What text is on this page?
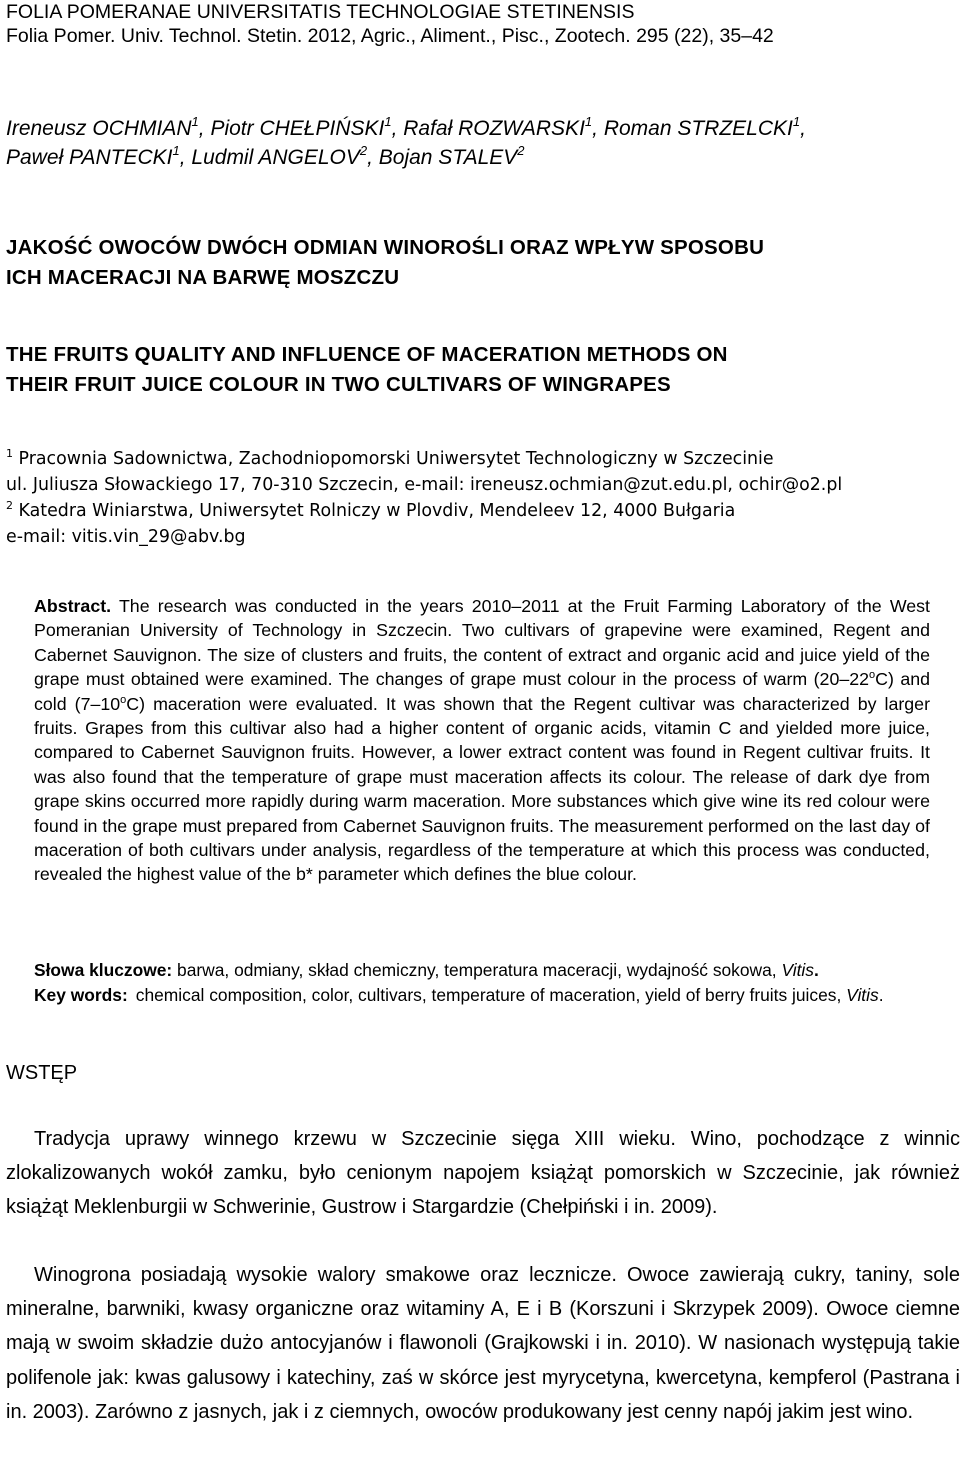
FOLIA POMERANAE UNIVERSITATIS TECHNOLOGIAE STETINENSIS
Folia Pomer. Univ. Technol. Stetin. 2012, Agric., Aliment., Pisc., Zootech. 295 (22), 35–42
Ireneusz OCHMIAN$^1$, Piotr CHEŁPIŃSKI$^1$, Rafał ROZWARSKI$^1$, Roman STRZELCKI$^1$,
Paweł PANTECKI$^1$, Ludmil ANGELOV$^2$, Bojan STALEV$^2$
JAKOŚĆ OWOCÓW DWÓCH ODMIAN WINOROŚLI ORAZ WPŁYW SPOSOBU
ICH MACERACJI NA BARWĘ MOSZCZU
THE FRUITS QUALITY AND INFLUENCE OF MACERATION METHODS ON
THEIR FRUIT JUICE COLOUR IN TWO CULTIVARS OF WINGRAPES
$^1$ Pracownia Sadownictwa, Zachodniopomorski Uniwersytet Technologiczny w Szczecinie
ul. Juliusza Słowackiego 17, 70-310 Szczecin, e-mail: ireneusz.ochmian@zut.edu.pl, ochir@o2.pl
$^2$ Katedra Winiarstwa, Uniwersytet Rolniczy w Plovdiv, Mendeleev 12, 4000 Bułgaria
e-mail: vitis.vin_29@abv.bg
Abstract. The research was conducted in the years 2010–2011 at the Fruit Farming Laboratory of the West Pomeranian University of Technology in Szczecin. Two cultivars of grapevine were examined, Regent and Cabernet Sauvignon. The size of clusters and fruits, the content of extract and organic acid and juice yield of the grape must obtained were examined. The changes of grape must colour in the process of warm (20–22$^o$C) and cold (7–10$^o$C) maceration were evaluated. It was shown that the Regent cultivar was characterized by larger fruits. Grapes from this cultivar also had a higher content of organic acids, vitamin C and yielded more juice, compared to Cabernet Sauvignon fruits. However, a lower extract content was found in Regent cultivar fruits. It was also found that the temperature of grape must maceration affects its colour. The release of dark dye from grape skins occurred more rapidly during warm maceration. More substances which give wine its red colour were found in the grape must prepared from Cabernet Sauvignon fruits. The measurement performed on the last day of maceration of both cultivars under analysis, regardless of the temperature at which this process was conducted, revealed the highest value of the b* parameter which defines the blue colour.
Słowa kluczowe: barwa, odmiany, skład chemiczny, temperatura maceracji, wydajność sokowa, Vitis.
Key words: chemical composition, color, cultivars, temperature of maceration, yield of berry fruits juices, Vitis.
WSTĘP
Tradycja uprawy winnego krzewu w Szczecinie sięga XIII wieku. Wino, pochodzące z winnic zlokalizowanych wokół zamku, było cenionym napojem książąt pomorskich w Szczecinie, jak również książąt Meklenburgii w Schwerinie, Gustrow i Stargardzie (Chełpiński i in. 2009).
Winogrona posiadają wysokie walory smakowe oraz lecznicze. Owoce zawierają cukry, taniny, sole mineralne, barwniki, kwasy organiczne oraz witaminy A, E i B (Korszuni i Skrzypek 2009). Owoce ciemne mają w swoim składzie dużo antocyjanów i flawonoli (Grajkowski i in. 2010). W nasionach występują takie polifenole jak: kwas galusowy i katechiny, zaś w skórce jest myrycetyna, kwercetyna, kempferol (Pastrana i in. 2003). Zarówno z jasnych, jak i z ciemnych, owoców produkowany jest cenny napój jakim jest wino.
